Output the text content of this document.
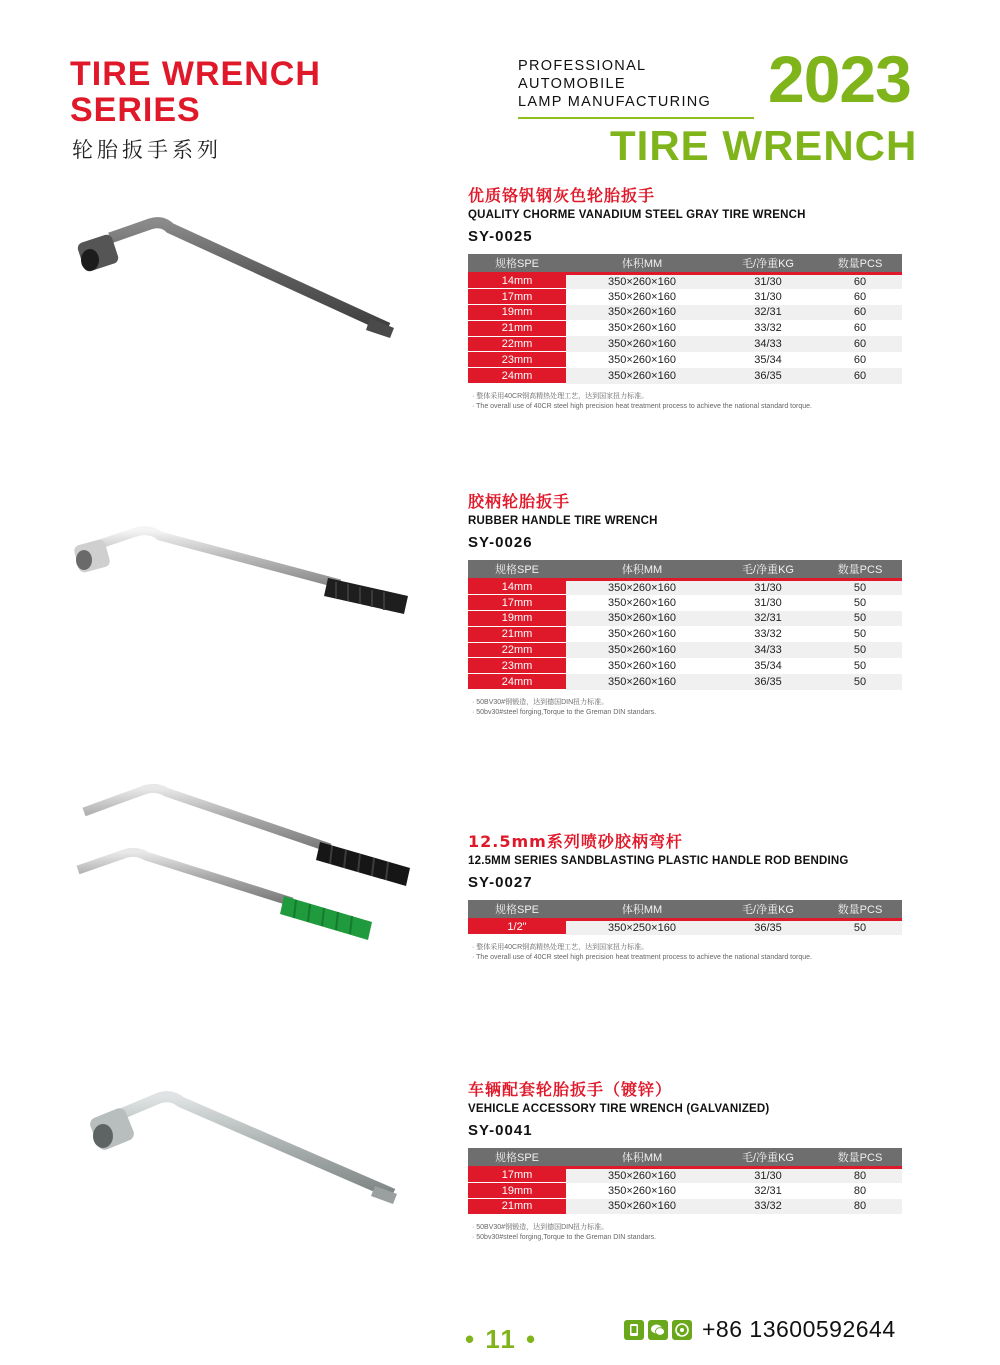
TIRE WRENCH
SERIES
轮胎扳手系列
PROFESSIONAL AUTOMOBILE
LAMP MANUFACTURING 2023
TIRE WRENCH
优质铬钒钢灰色轮胎扳手
QUALITY CHORME VANADIUM STEEL GRAY TIRE WRENCH
SY-0025
规格SPE	体积MM	毛/净重KG	数量PCS
14mm	350×260×160	31/30	60
17mm	350×260×160	31/30	60
19mm	350×260×160	32/31	60
21mm	350×260×160	33/32	60
22mm	350×260×160	34/33	60
23mm	350×260×160	35/34	60
24mm	350×260×160	36/35	60
· 整体采用40CR钢高精热处理工艺，达到国家扭力标准。
· The overall use of 40CR steel high precision heat treatment process to achieve the national standard torque.
胶柄轮胎扳手
RUBBER HANDLE TIRE WRENCH
SY-0026
规格SPE	体积MM	毛/净重KG	数量PCS
14mm	350×260×160	31/30	50
17mm	350×260×160	31/30	50
19mm	350×260×160	32/31	50
21mm	350×260×160	33/32	50
22mm	350×260×160	34/33	50
23mm	350×260×160	35/34	50
24mm	350×260×160	36/35	50
· 50BV30#钢锻造，达到德国DIN扭力标准。
· 50bv30#steel forging,Torque to the Greman DIN standars.
12.5mm系列喷砂胶柄弯杆
12.5MM SERIES SANDBLASTING PLASTIC HANDLE ROD BENDING
SY-0027
规格SPE	体积MM	毛/净重KG	数量PCS
1/2"	350×250×160	36/35	50
· 整体采用40CR钢高精热处理工艺，达到国家扭力标准。
· The overall use of 40CR steel high precision heat treatment process to achieve the national standard torque.
车辆配套轮胎扳手（镀锌）
VEHICLE ACCESSORY TIRE WRENCH (GALVANIZED)
SY-0041
规格SPE	体积MM	毛/净重KG	数量PCS
17mm	350×260×160	31/30	80
19mm	350×260×160	32/31	80
21mm	350×260×160	33/32	80
· 50BV30#钢锻造，达到德国DIN扭力标准。
· 50bv30#steel forging,Torque to the Greman DIN standars.
• 11 •	+86 13600592644
